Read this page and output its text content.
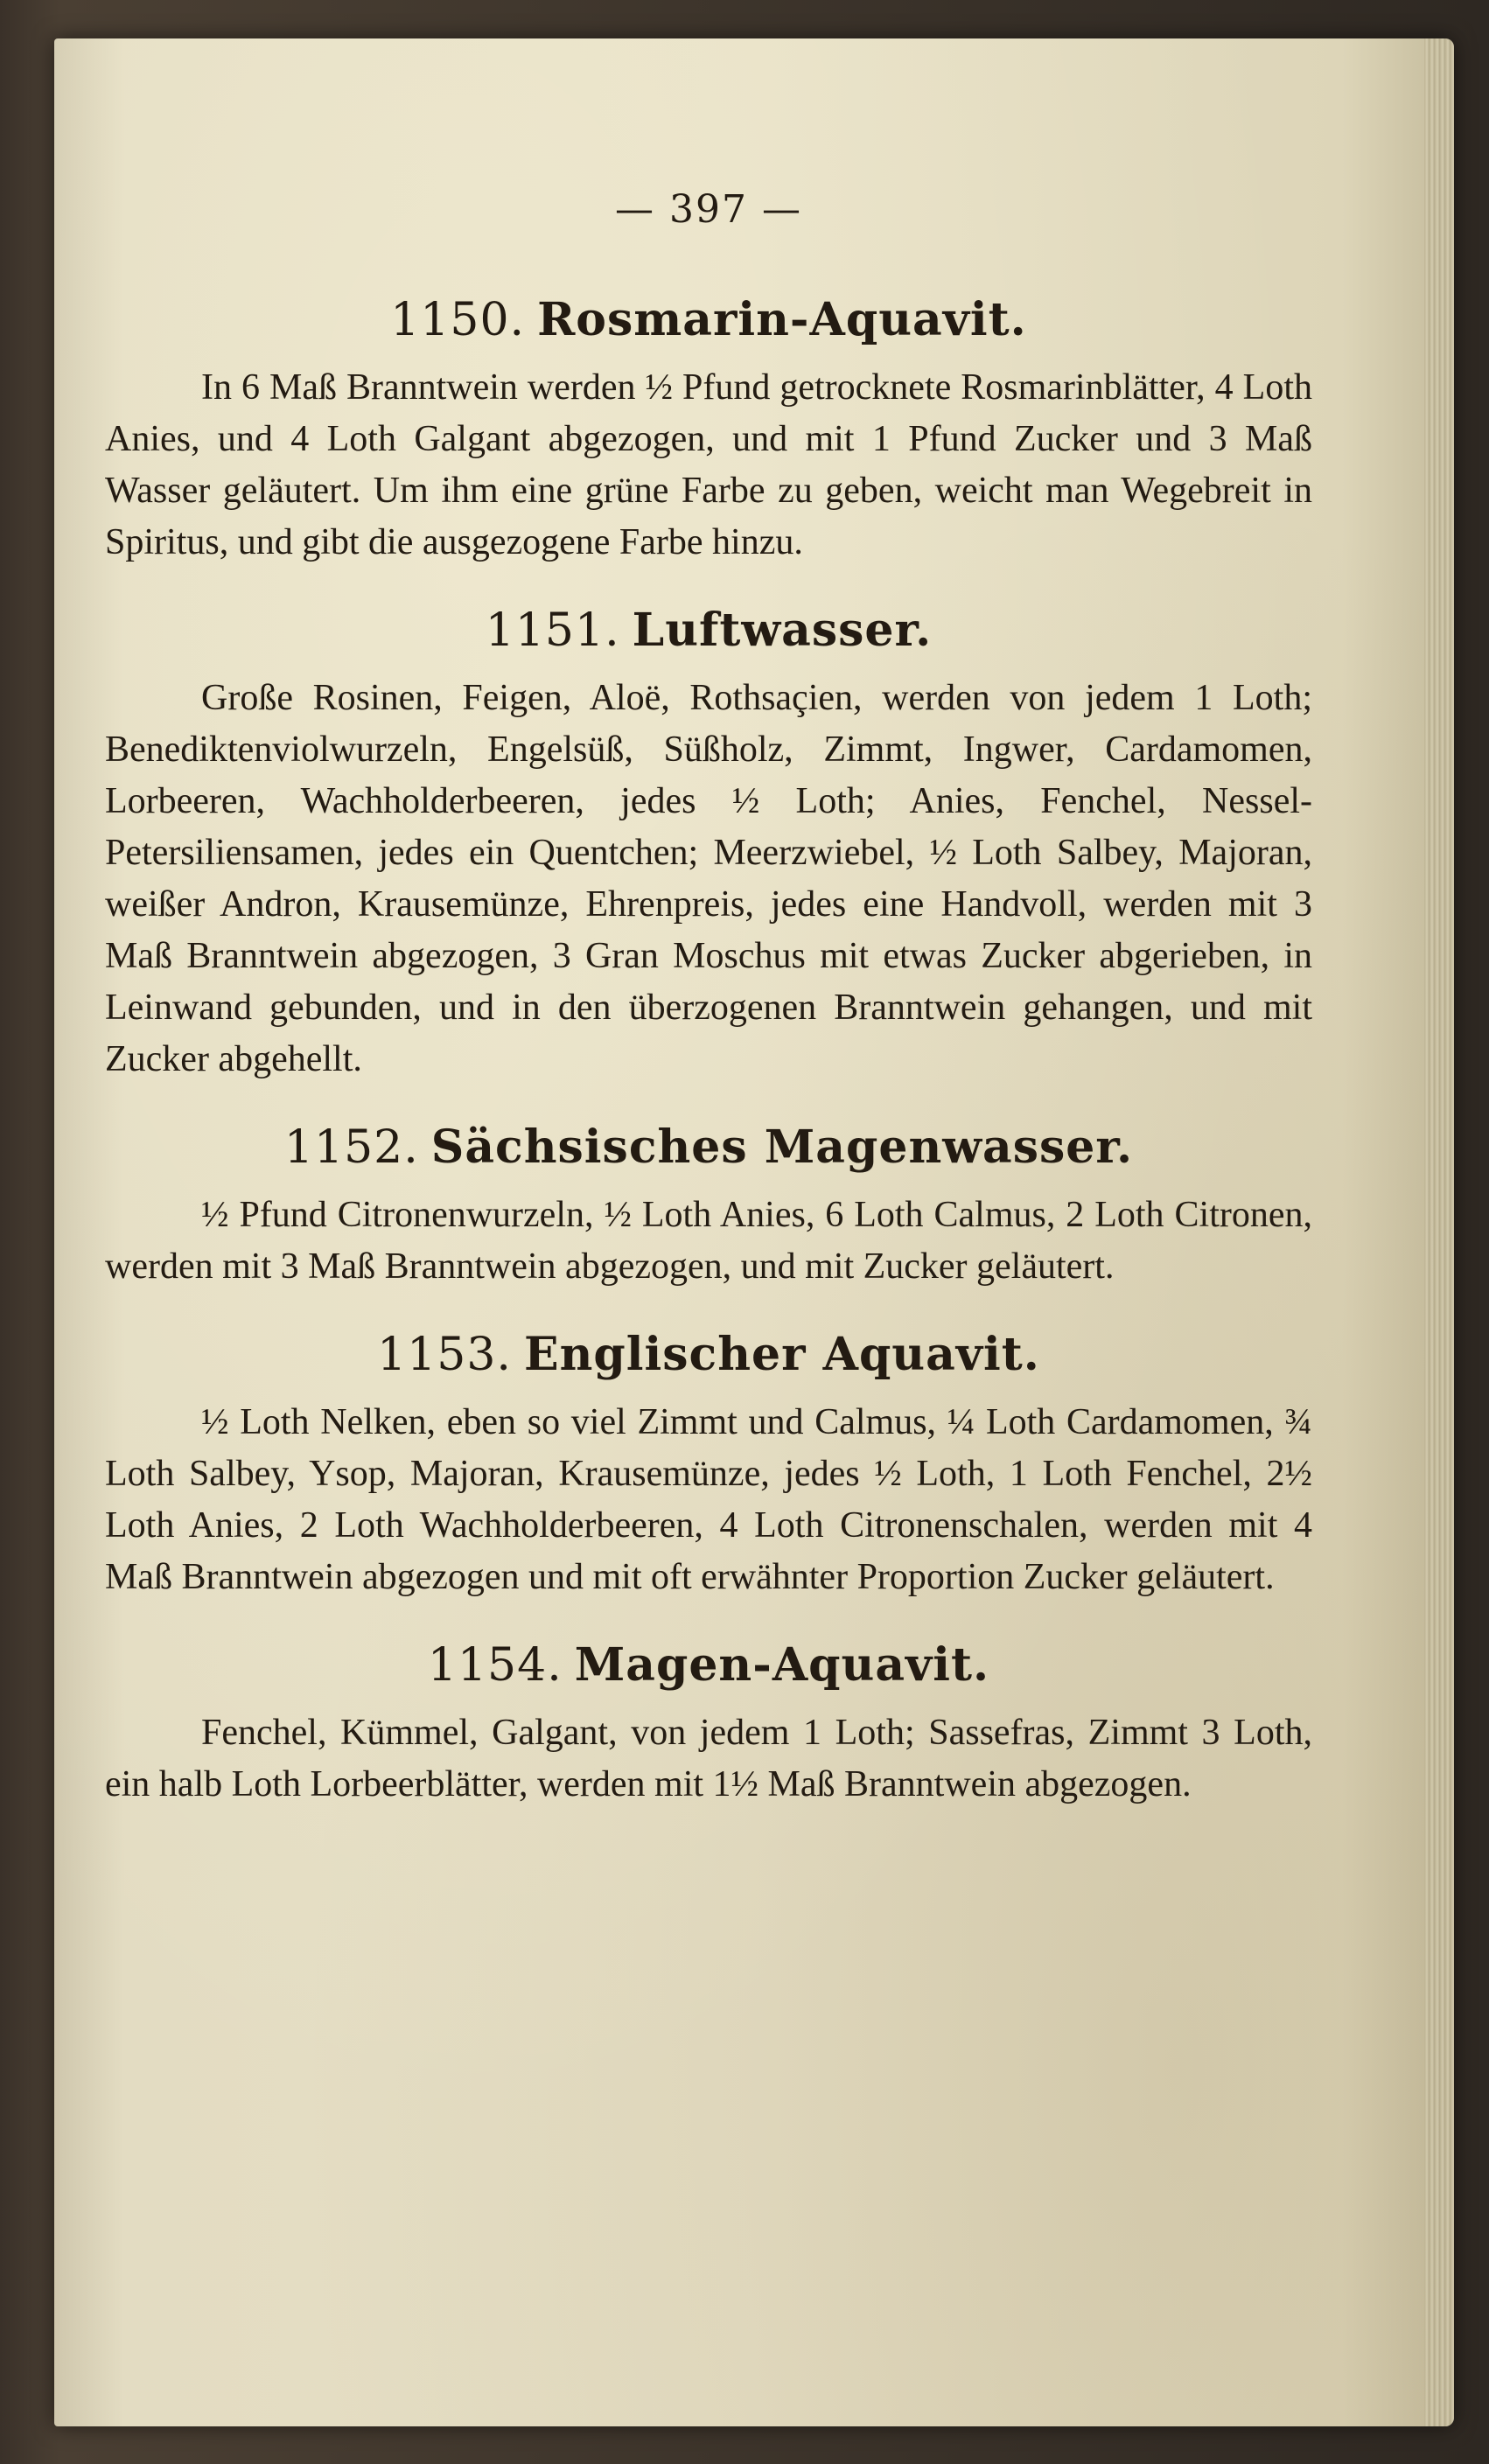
— 397 —
1150. Rosmarin-Aquavit.

In 6 Maß Branntwein werden ½ Pfund getrocknete Rosmarinblätter, 4 Loth Anies, und 4 Loth Galgant abgezogen, und mit 1 Pfund Zucker und 3 Maß Wasser geläutert. Um ihm eine grüne Farbe zu geben, weicht man Wegebreit in Spiritus, und gibt die ausgezogene Farbe hinzu.

1151. Luftwasser.

Große Rosinen, Feigen, Aloë, Rothsaçien, werden von jedem 1 Loth; Benediktenviolwurzeln, Engelsüß, Süßholz, Zimmt, Ingwer, Cardamomen, Lorbeeren, Wachholderbeeren, jedes ½ Loth; Anies, Fenchel, Nessel-Petersiliensamen, jedes ein Quentchen; Meerzwiebel, ½ Loth Salbey, Majoran, weißer Andron, Krausemünze, Ehrenpreis, jedes eine Handvoll, werden mit 3 Maß Branntwein abgezogen, 3 Gran Moschus mit etwas Zucker abgerieben, in Leinwand gebunden, und in den überzogenen Branntwein gehangen, und mit Zucker abgehellt.

1152. Sächsisches Magenwasser.

½ Pfund Citronenwurzeln, ½ Loth Anies, 6 Loth Calmus, 2 Loth Citronen, werden mit 3 Maß Branntwein abgezogen, und mit Zucker geläutert.

1153. Englischer Aquavit.

½ Loth Nelken, eben so viel Zimmt und Calmus, ¼ Loth Cardamomen, ¾ Loth Salbey, Ysop, Majoran, Krausemünze, jedes ½ Loth, 1 Loth Fenchel, 2½ Loth Anies, 2 Loth Wachholderbeeren, 4 Loth Citronenschalen, werden mit 4 Maß Branntwein abgezogen und mit oft erwähnter Proportion Zucker geläutert.

1154. Magen-Aquavit.

Fenchel, Kümmel, Galgant, von jedem 1 Loth; Sassefras, Zimmt 3 Loth, ein halb Loth Lorbeerblätter, werden mit 1½ Maß Branntwein abgezogen.
